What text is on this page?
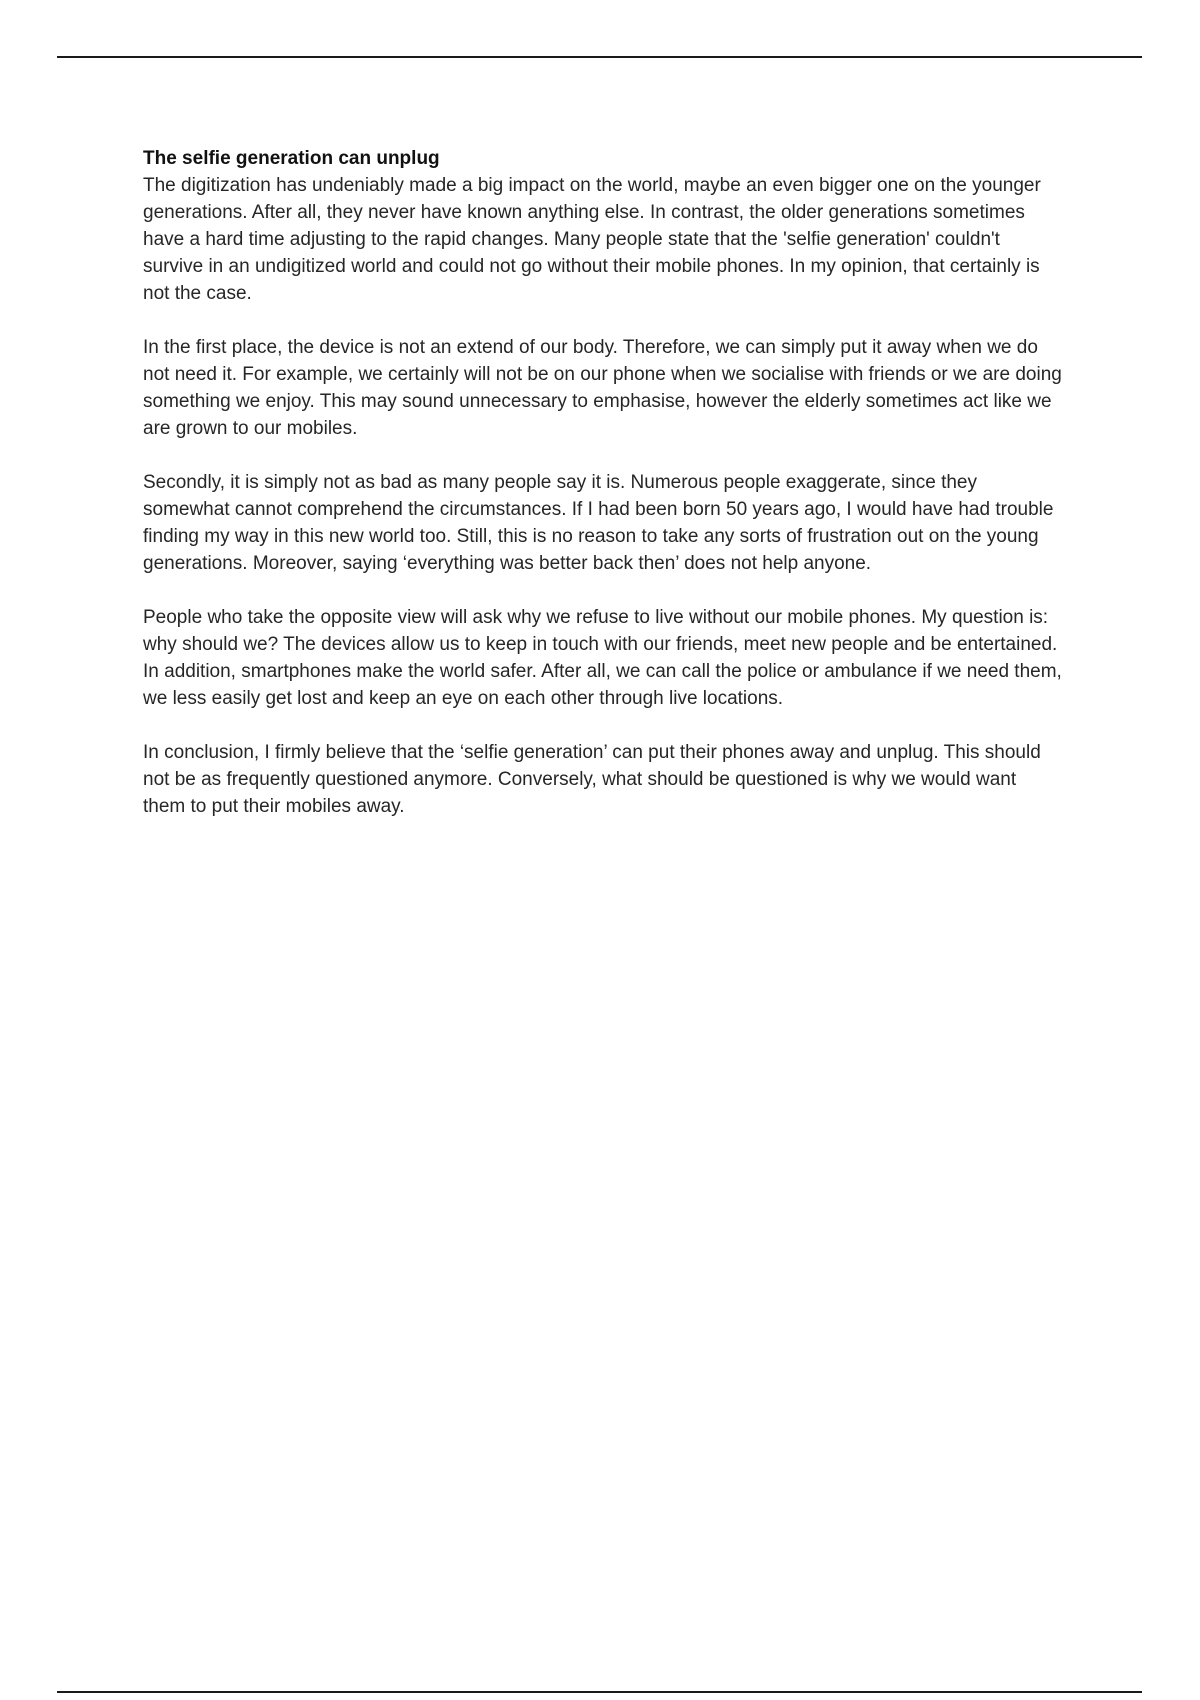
The selfie generation can unplug

The digitization has undeniably made a big impact on the world, maybe an even bigger one on the younger generations. After all, they never have known anything else. In contrast, the older generations sometimes have a hard time adjusting to the rapid changes. Many people state that the 'selfie generation' couldn't survive in an undigitized world and could not go without their mobile phones. In my opinion, that certainly is not the case.

In the first place, the device is not an extend of our body. Therefore, we can simply put it away when we do not need it. For example, we certainly will not be on our phone when we socialise with friends or we are doing something we enjoy. This may sound unnecessary to emphasise, however the elderly sometimes act like we are grown to our mobiles.

Secondly, it is simply not as bad as many people say it is. Numerous people exaggerate, since they somewhat cannot comprehend the circumstances. If I had been born 50 years ago, I would have had trouble finding my way in this new world too. Still, this is no reason to take any sorts of frustration out on the young generations. Moreover, saying ‘everything was better back then’ does not help anyone.

People who take the opposite view will ask why we refuse to live without our mobile phones. My question is: why should we? The devices allow us to keep in touch with our friends, meet new people and be entertained. In addition, smartphones make the world safer. After all, we can call the police or ambulance if we need them, we less easily get lost and keep an eye on each other through live locations.

In conclusion, I firmly believe that the ‘selfie generation’ can put their phones away and unplug. This should not be as frequently questioned anymore. Conversely, what should be questioned is why we would want them to put their mobiles away.
